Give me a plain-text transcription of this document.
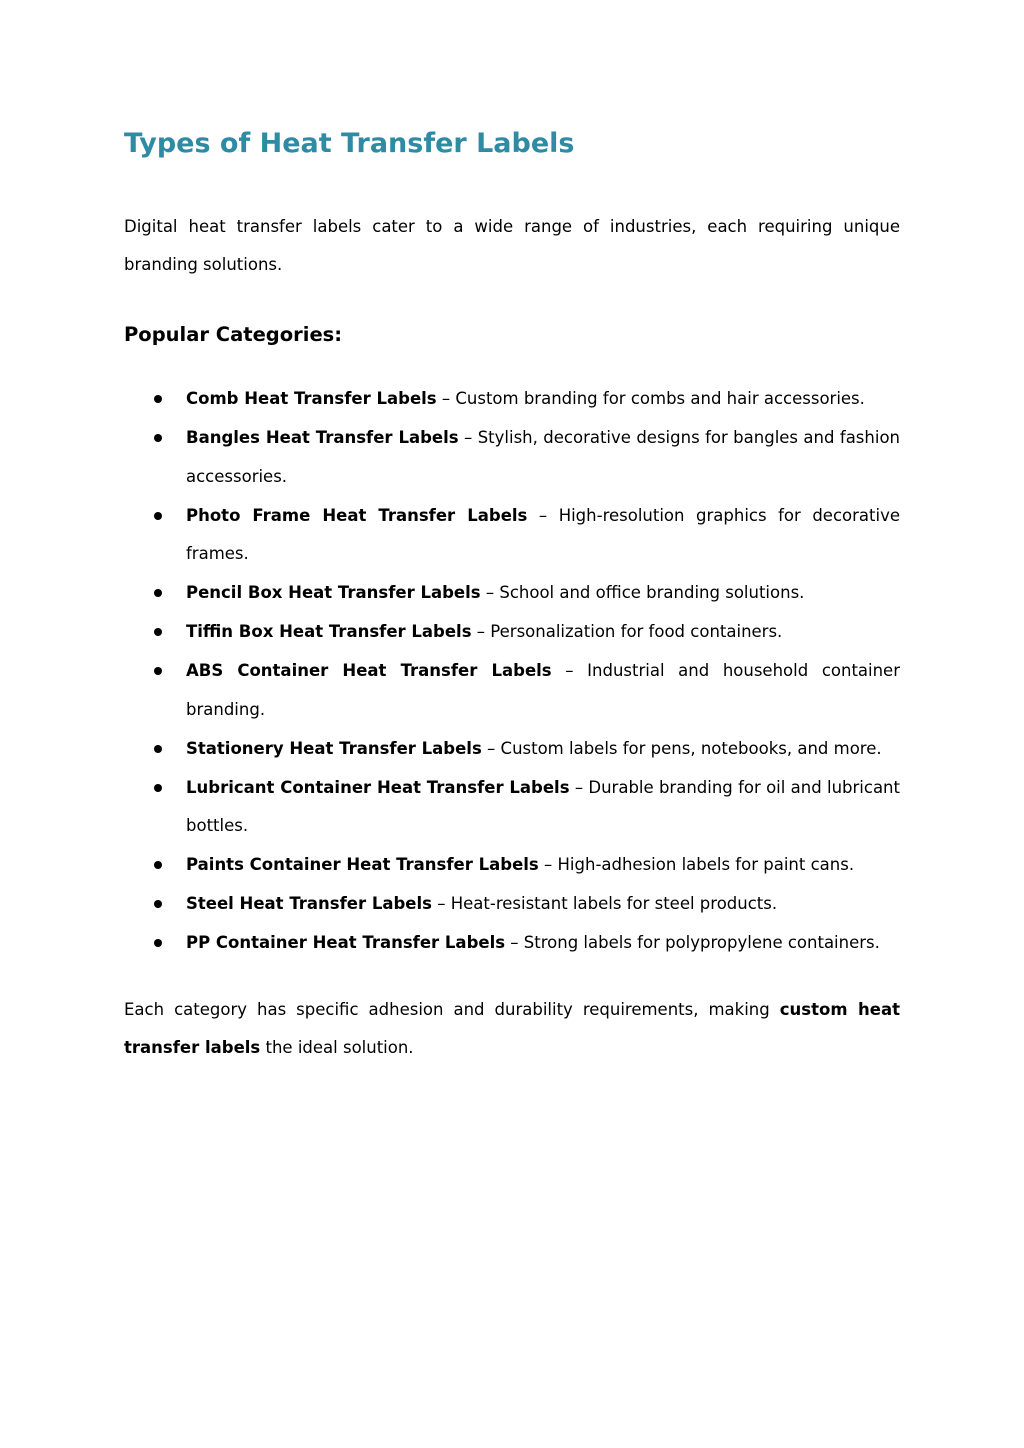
Types of Heat Transfer Labels

Digital heat transfer labels cater to a wide range of industries, each requiring unique branding solutions.

Popular Categories:
Comb Heat Transfer Labels – Custom branding for combs and hair accessories.
Bangles Heat Transfer Labels – Stylish, decorative designs for bangles and fashion accessories.
Photo Frame Heat Transfer Labels – High-resolution graphics for decorative frames.
Pencil Box Heat Transfer Labels – School and office branding solutions.
Tiffin Box Heat Transfer Labels – Personalization for food containers.
ABS Container Heat Transfer Labels – Industrial and household container branding.
Stationery Heat Transfer Labels – Custom labels for pens, notebooks, and more.
Lubricant Container Heat Transfer Labels – Durable branding for oil and lubricant bottles.
Paints Container Heat Transfer Labels – High-adhesion labels for paint cans.
Steel Heat Transfer Labels – Heat-resistant labels for steel products.
PP Container Heat Transfer Labels – Strong labels for polypropylene containers.

Each category has specific adhesion and durability requirements, making custom heat transfer labels the ideal solution.
